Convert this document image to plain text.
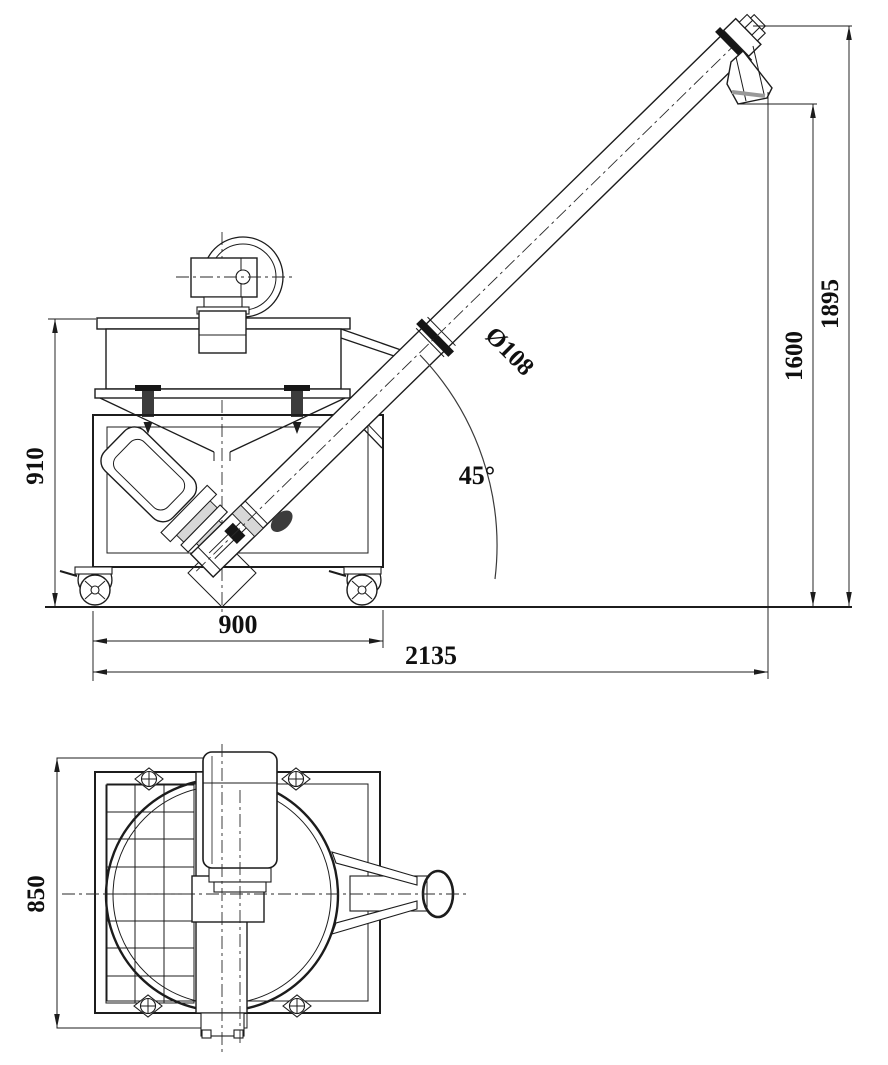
910
900
2135
1600
1895
Ø108
45°
850
